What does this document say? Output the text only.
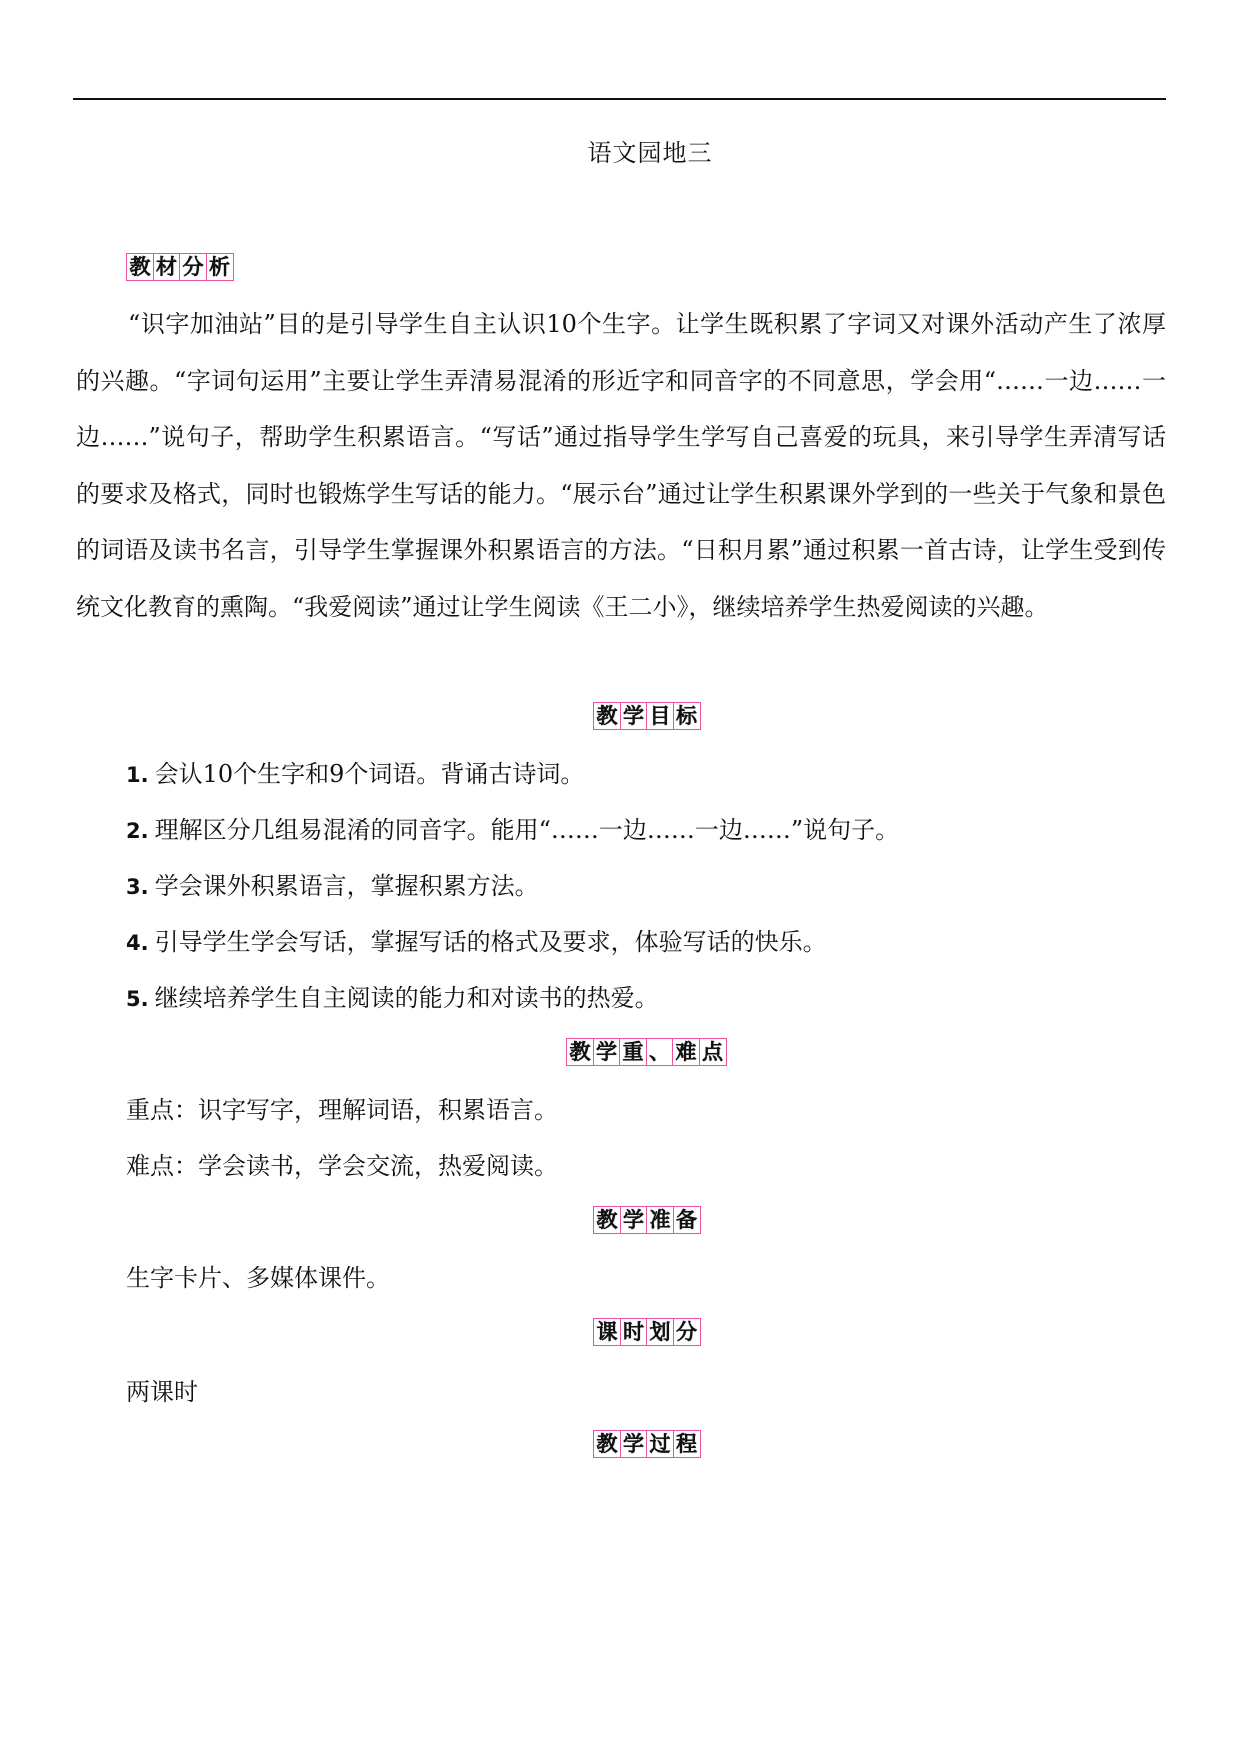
语文园地三
教 材 分 析
“识字加油站”目的是引导学生自主认识10个生字。让学生既积累了字词又对课外活动产生了浓厚的兴趣。“字词句运用”主要让学生弄清易混淆的形近字和同音字的不同意思，学会用“……一边……一边……”说句子，帮助学生积累语言。“写话”通过指导学生学写自己喜爱的玩具，来引导学生弄清写话的要求及格式，同时也锻炼学生写话的能力。“展示台”通过让学生积累课外学到的一些关于气象和景色的词语及读书名言，引导学生掌握课外积累语言的方法。“日积月累”通过积累一首古诗，让学生受到传统文化教育的熏陶。“我爱阅读”通过让学生阅读《王二小》，继续培养学生热爱阅读的兴趣。
教 学 目 标
1. 会认10个生字和9个词语。背诵古诗词。
2. 理解区分几组易混淆的同音字。能用“……一边……一边……”说句子。
3. 学会课外积累语言，掌握积累方法。
4. 引导学生学会写话，掌握写话的格式及要求，体验写话的快乐。
5. 继续培养学生自主阅读的能力和对读书的热爱。
教 学 重 、 难 点
重点：识字写字，理解词语，积累语言。
难点：学会读书，学会交流，热爱阅读。
教 学 准 备
生字卡片、多媒体课件。
课 时 划 分
两课时
教 学 过 程
